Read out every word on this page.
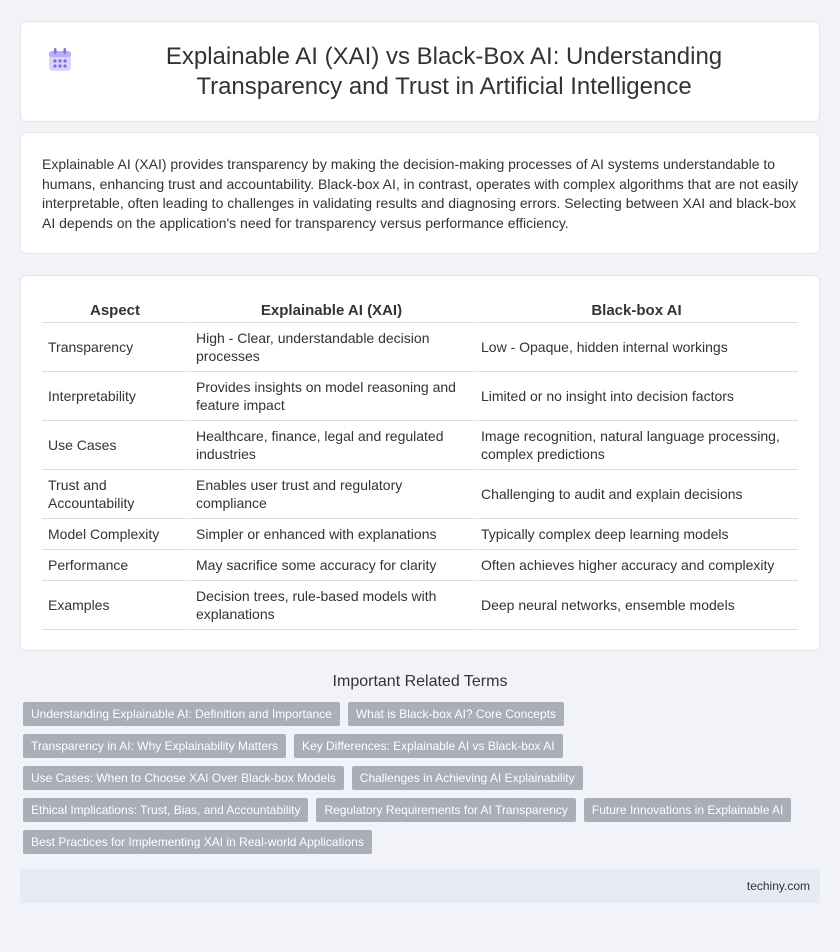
Explainable AI (XAI) vs Black-Box AI: Understanding Transparency and Trust in Artificial Intelligence

Explainable AI (XAI) provides transparency by making the decision-making processes of AI systems understandable to humans, enhancing trust and accountability. Black-box AI, in contrast, operates with complex algorithms that are not easily interpretable, often leading to challenges in validating results and diagnosing errors. Selecting between XAI and black-box AI depends on the application's need for transparency versus performance efficiency.

Aspect	Explainable AI (XAI)	Black-box AI
Transparency	High - Clear, understandable decision processes	Low - Opaque, hidden internal workings
Interpretability	Provides insights on model reasoning and feature impact	Limited or no insight into decision factors
Use Cases	Healthcare, finance, legal and regulated industries	Image recognition, natural language processing, complex predictions
Trust and Accountability	Enables user trust and regulatory compliance	Challenging to audit and explain decisions
Model Complexity	Simpler or enhanced with explanations	Typically complex deep learning models
Performance	May sacrifice some accuracy for clarity	Often achieves higher accuracy and complexity
Examples	Decision trees, rule-based models with explanations	Deep neural networks, ensemble models
Important Related Terms
Understanding Explainable AI: Definition and Importance	What is Black-box AI? Core Concepts
Transparency in AI: Why Explainability Matters	Key Differences: Explainable AI vs Black-box AI
Use Cases: When to Choose XAI Over Black-box Models	Challenges in Achieving AI Explainability
Ethical Implications: Trust, Bias, and Accountability	Regulatory Requirements for AI Transparency	Future Innovations in Explainable AI
Best Practices for Implementing XAI in Real-world Applications
techiny.com
